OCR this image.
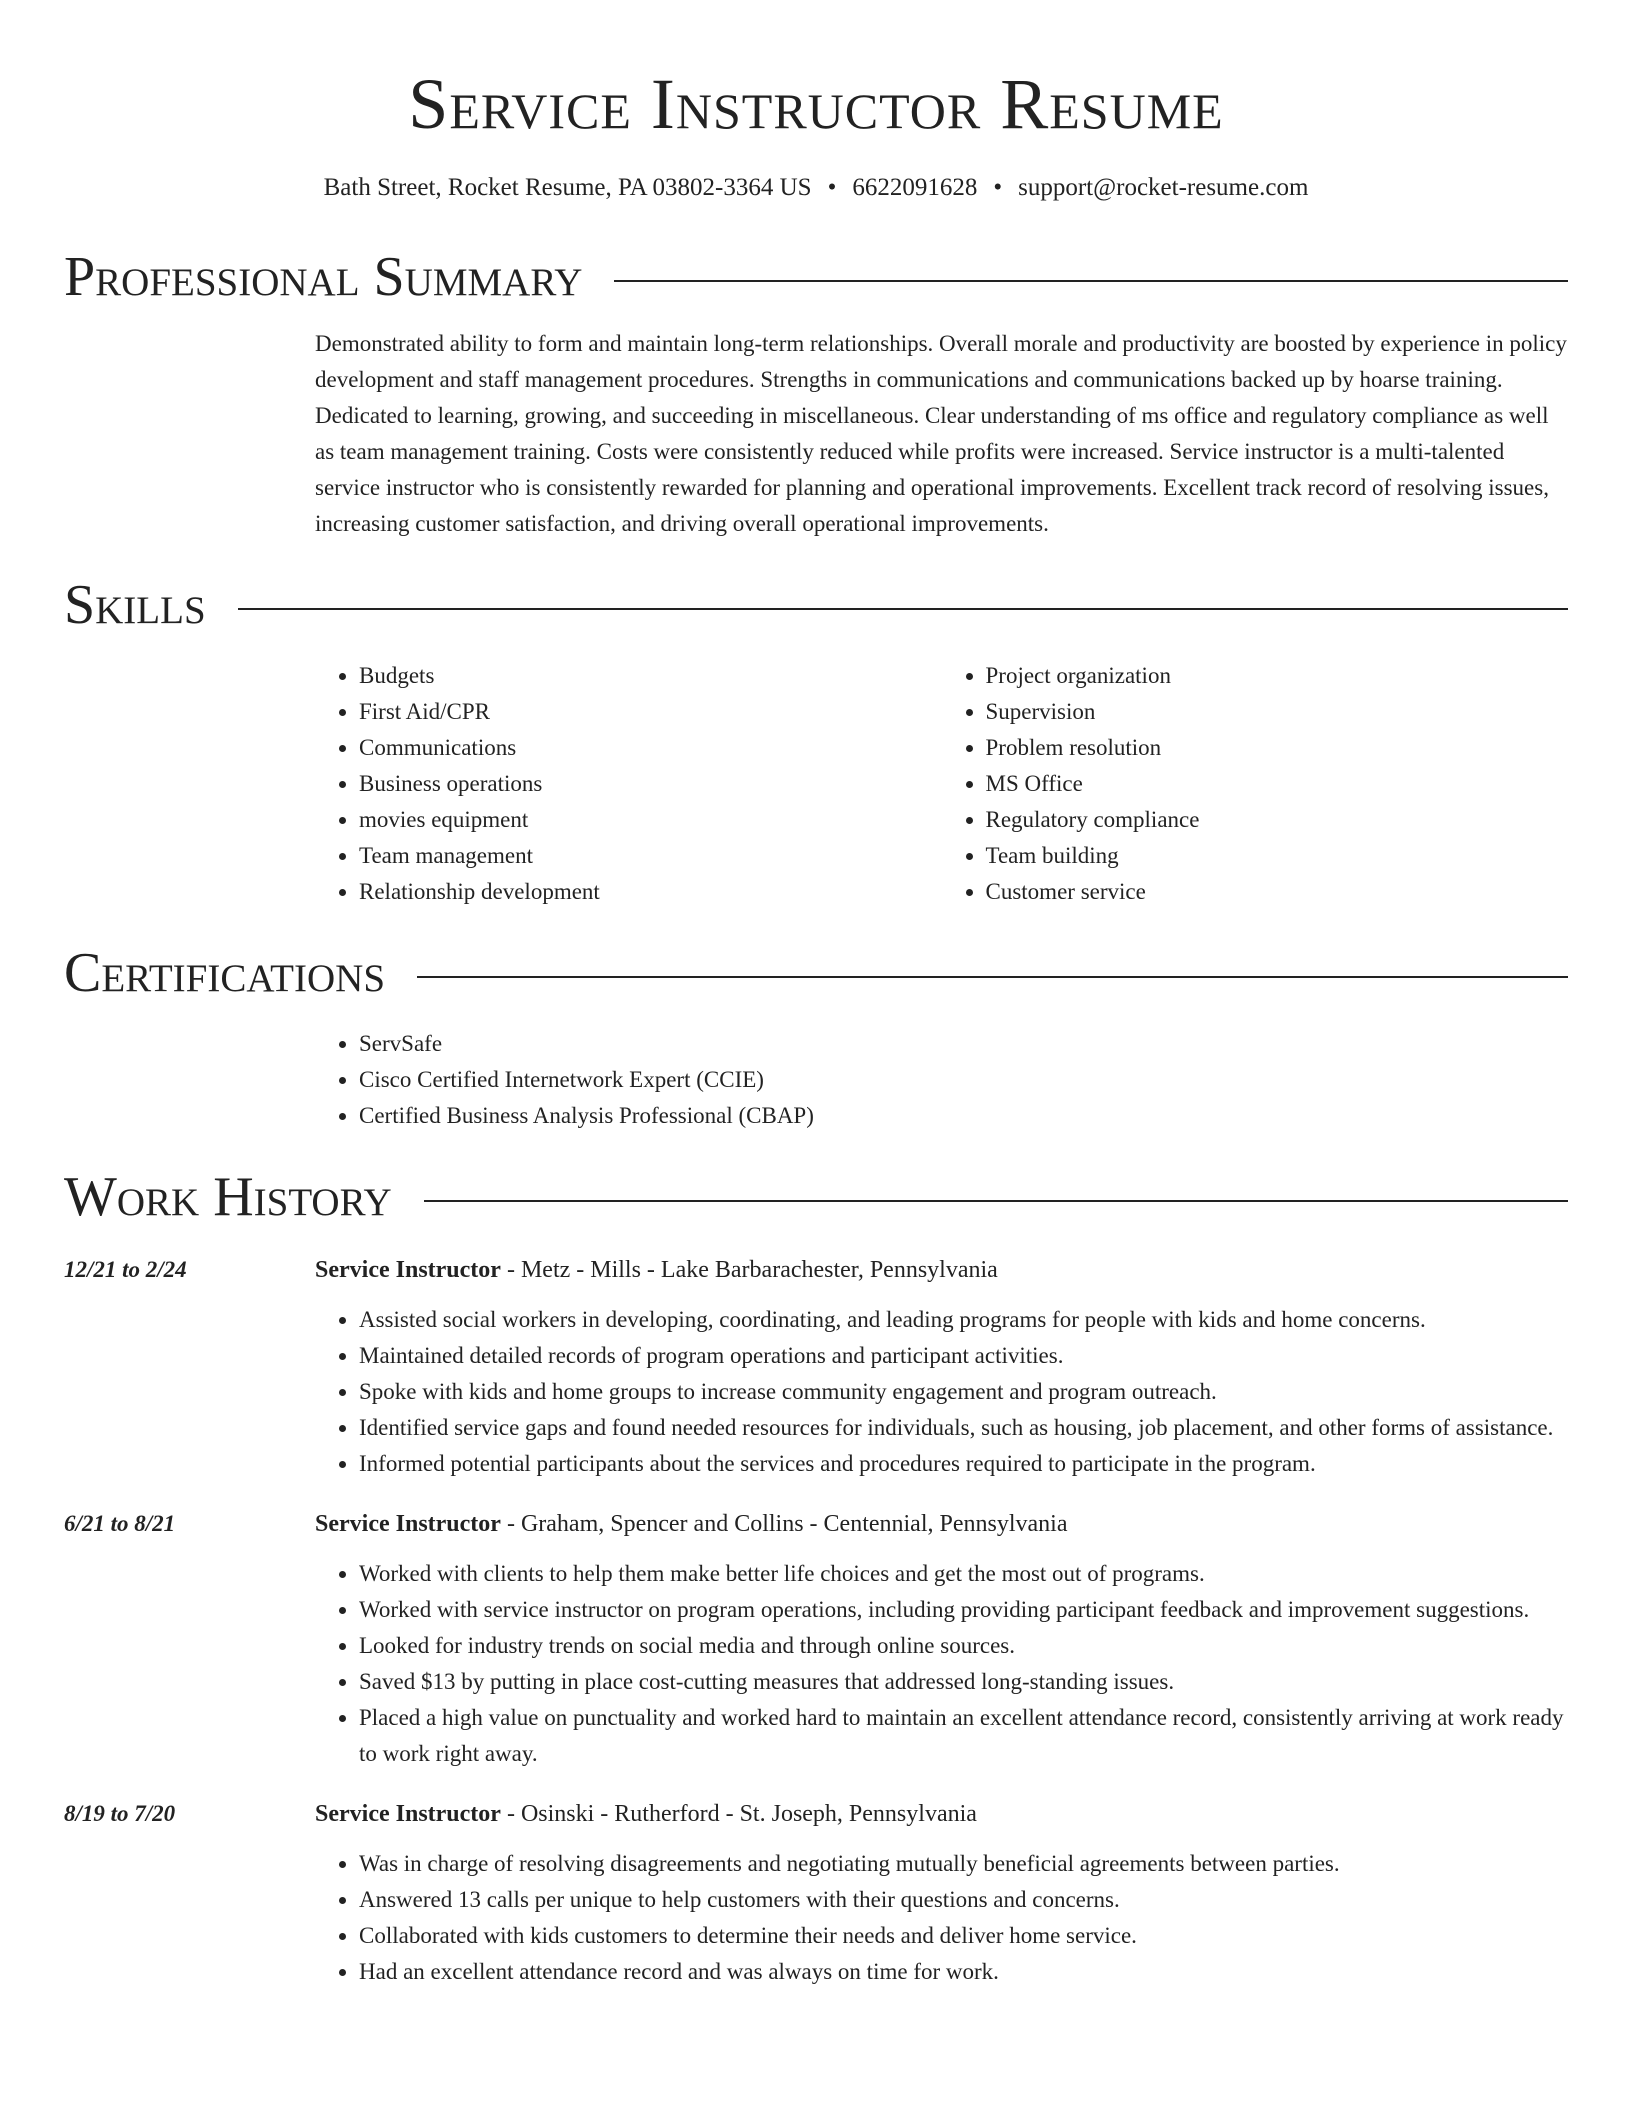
Service Instructor Resume
Bath Street, Rocket Resume, PA 03802-3364 US • 6622091628 • support@rocket-resume.com
Professional Summary
Demonstrated ability to form and maintain long-term relationships. Overall morale and productivity are boosted by experience in policy development and staff management procedures. Strengths in communications and communications backed up by hoarse training. Dedicated to learning, growing, and succeeding in miscellaneous. Clear understanding of ms office and regulatory compliance as well as team management training. Costs were consistently reduced while profits were increased. Service instructor is a multi-talented service instructor who is consistently rewarded for planning and operational improvements. Excellent track record of resolving issues, increasing customer satisfaction, and driving overall operational improvements.
Skills
• Budgets
• First Aid/CPR
• Communications
• Business operations
• movies equipment
• Team management
• Relationship development
• Project organization
• Supervision
• Problem resolution
• MS Office
• Regulatory compliance
• Team building
• Customer service
Certifications
• ServSafe
• Cisco Certified Internetwork Expert (CCIE)
• Certified Business Analysis Professional (CBAP)
Work History
12/21 to 2/24	Service Instructor - Metz - Mills - Lake Barbarachester, Pennsylvania
• Assisted social workers in developing, coordinating, and leading programs for people with kids and home concerns.
• Maintained detailed records of program operations and participant activities.
• Spoke with kids and home groups to increase community engagement and program outreach.
• Identified service gaps and found needed resources for individuals, such as housing, job placement, and other forms of assistance.
• Informed potential participants about the services and procedures required to participate in the program.
6/21 to 8/21	Service Instructor - Graham, Spencer and Collins - Centennial, Pennsylvania
• Worked with clients to help them make better life choices and get the most out of programs.
• Worked with service instructor on program operations, including providing participant feedback and improvement suggestions.
• Looked for industry trends on social media and through online sources.
• Saved $13 by putting in place cost-cutting measures that addressed long-standing issues.
• Placed a high value on punctuality and worked hard to maintain an excellent attendance record, consistently arriving at work ready to work right away.
8/19 to 7/20	Service Instructor - Osinski - Rutherford - St. Joseph, Pennsylvania
• Was in charge of resolving disagreements and negotiating mutually beneficial agreements between parties.
• Answered 13 calls per unique to help customers with their questions and concerns.
• Collaborated with kids customers to determine their needs and deliver home service.
• Had an excellent attendance record and was always on time for work.
